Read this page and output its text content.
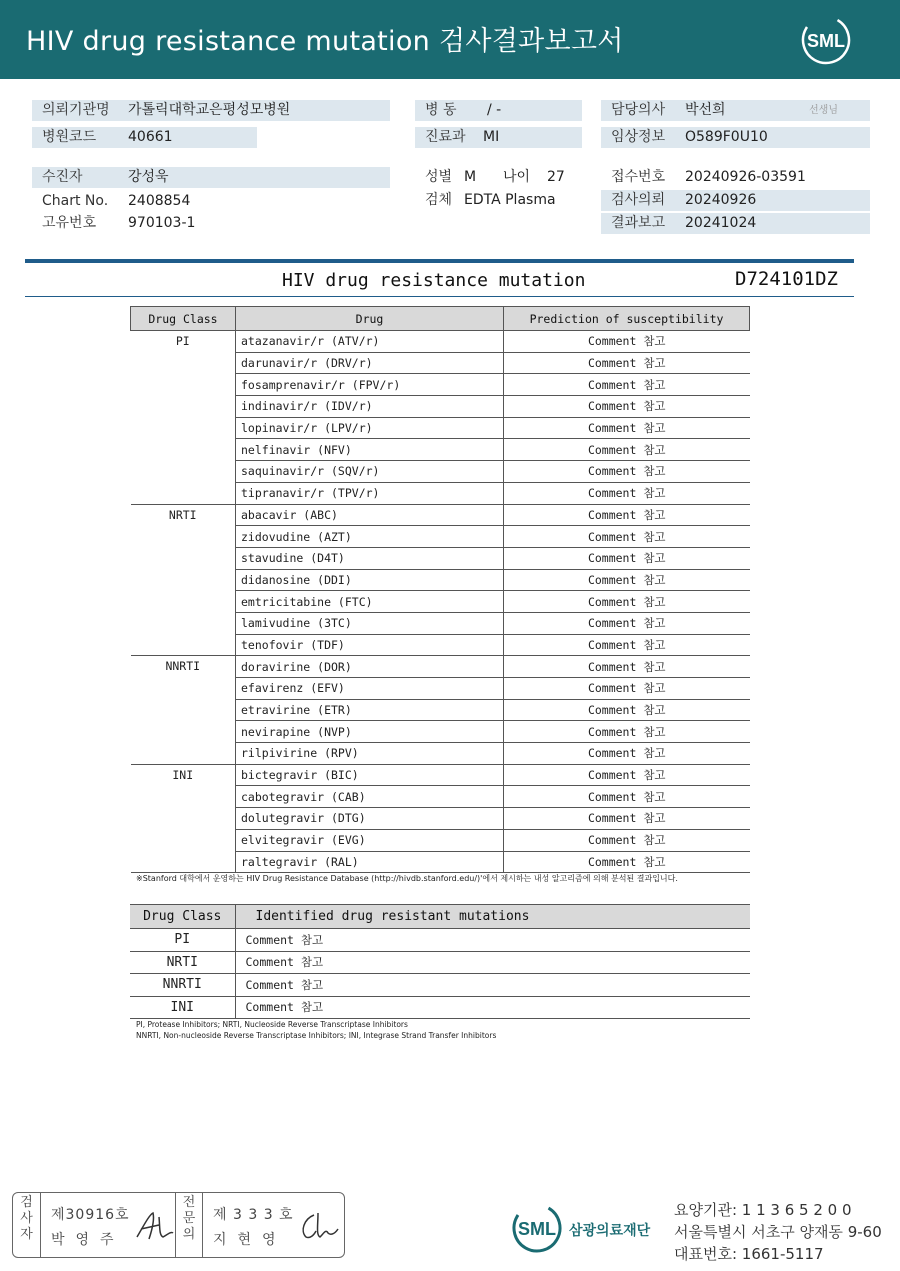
HIV drug resistance mutation 검사결과보고서	SML
의뢰기관명 가톨릭대학교은평성모병원
병원코드 40661
수진자	강성욱
Chart No. 2408854
고유번호 970103-1
병 동 / -
진료과 MI
성별 M 나이 27
검체 EDTA Plasma
담당의사 박선희	선생님
임상정보 O589F0U10
접수번호 20240926-03591
검사의뢰 20240926
결과보고 20241024
HIV drug resistance mutation	D724101DZ
Drug Class	Drug	Prediction of susceptibility
PI	atazanavir/r (ATV/r)	Comment 참고
	darunavir/r (DRV/r)	Comment 참고
	fosamprenavir/r (FPV/r)	Comment 참고
	indinavir/r (IDV/r)	Comment 참고
	lopinavir/r (LPV/r)	Comment 참고
	nelfinavir (NFV)	Comment 참고
	saquinavir/r (SQV/r)	Comment 참고
	tipranavir/r (TPV/r)	Comment 참고
NRTI	abacavir (ABC)	Comment 참고
	zidovudine (AZT)	Comment 참고
	stavudine (D4T)	Comment 참고
	didanosine (DDI)	Comment 참고
	emtricitabine (FTC)	Comment 참고
	lamivudine (3TC)	Comment 참고
	tenofovir (TDF)	Comment 참고
NNRTI	doravirine (DOR)	Comment 참고
	efavirenz (EFV)	Comment 참고
	etravirine (ETR)	Comment 참고
	nevirapine (NVP)	Comment 참고
	rilpivirine (RPV)	Comment 참고
INI	bictegravir (BIC)	Comment 참고
	cabotegravir (CAB)	Comment 참고
	dolutegravir (DTG)	Comment 참고
	elvitegravir (EVG)	Comment 참고
	raltegravir (RAL)	Comment 참고
※Stanford 대학에서 운영하는 HIV Drug Resistance Database (http://hivdb.stanford.edu/)'에서 제시하는 내성 알고리즘에 의해 분석된 결과입니다.
Drug Class	Identified drug resistant mutations
PI	Comment 참고
NRTI	Comment 참고
NNRTI	Comment 참고
INI	Comment 참고
PI, Protease Inhibitors; NRTI, Nucleoside Reverse Transcriptase Inhibitors
NNRTI, Non-nucleoside Reverse Transcriptase Inhibitors; INI, Integrase Strand Transfer Inhibitors
검사자
제30916호
박영주
전문의
제 3 3 3 호
지현영
SML 삼광의료재단
요양기관: 1 1 3 6 5 2 0 0
서울특별시 서초구 양재동 9-60
대표번호: 1661-5117
